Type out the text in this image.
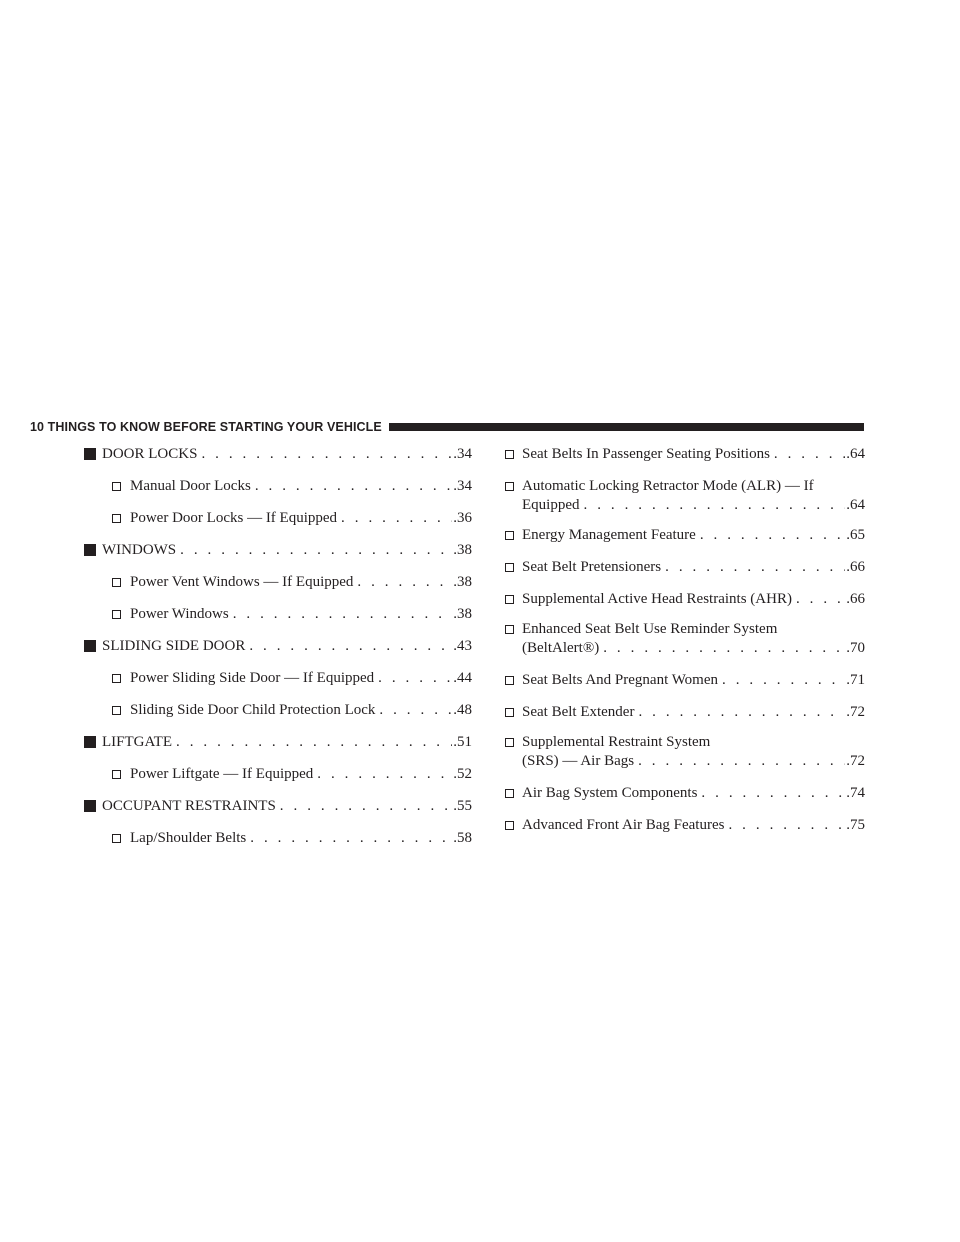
10 THINGS TO KNOW BEFORE STARTING YOUR VEHICLE
DOOR LOCKS . . .	.34
Manual Door Locks . . .	.34
Power Door Locks — If Equipped . . .	.36
WINDOWS . . .	.38
Power Vent Windows — If Equipped . . .	.38
Power Windows . . .	.38
SLIDING SIDE DOOR . . .	.43
Power Sliding Side Door — If Equipped . . .	.44
Sliding Side Door Child Protection Lock . . .	.48
LIFTGATE . . .	.51
Power Liftgate — If Equipped . . .	.52
OCCUPANT RESTRAINTS . . .	.55
Lap/Shoulder Belts . . .	.58
Seat Belts In Passenger Seating Positions . . .	.64
Automatic Locking Retractor Mode (ALR) — If
Equipped . . .	.64
Energy Management Feature . . .	.65
Seat Belt Pretensioners . . .	.66
Supplemental Active Head Restraints (AHR) . . .	.66
Enhanced Seat Belt Use Reminder System
(BeltAlert®) . . .	.70
Seat Belts And Pregnant Women . . .	.71
Seat Belt Extender . . .	.72
Supplemental Restraint System
(SRS) — Air Bags . . .	.72
Air Bag System Components . . .	.74
Advanced Front Air Bag Features . . .	.75
